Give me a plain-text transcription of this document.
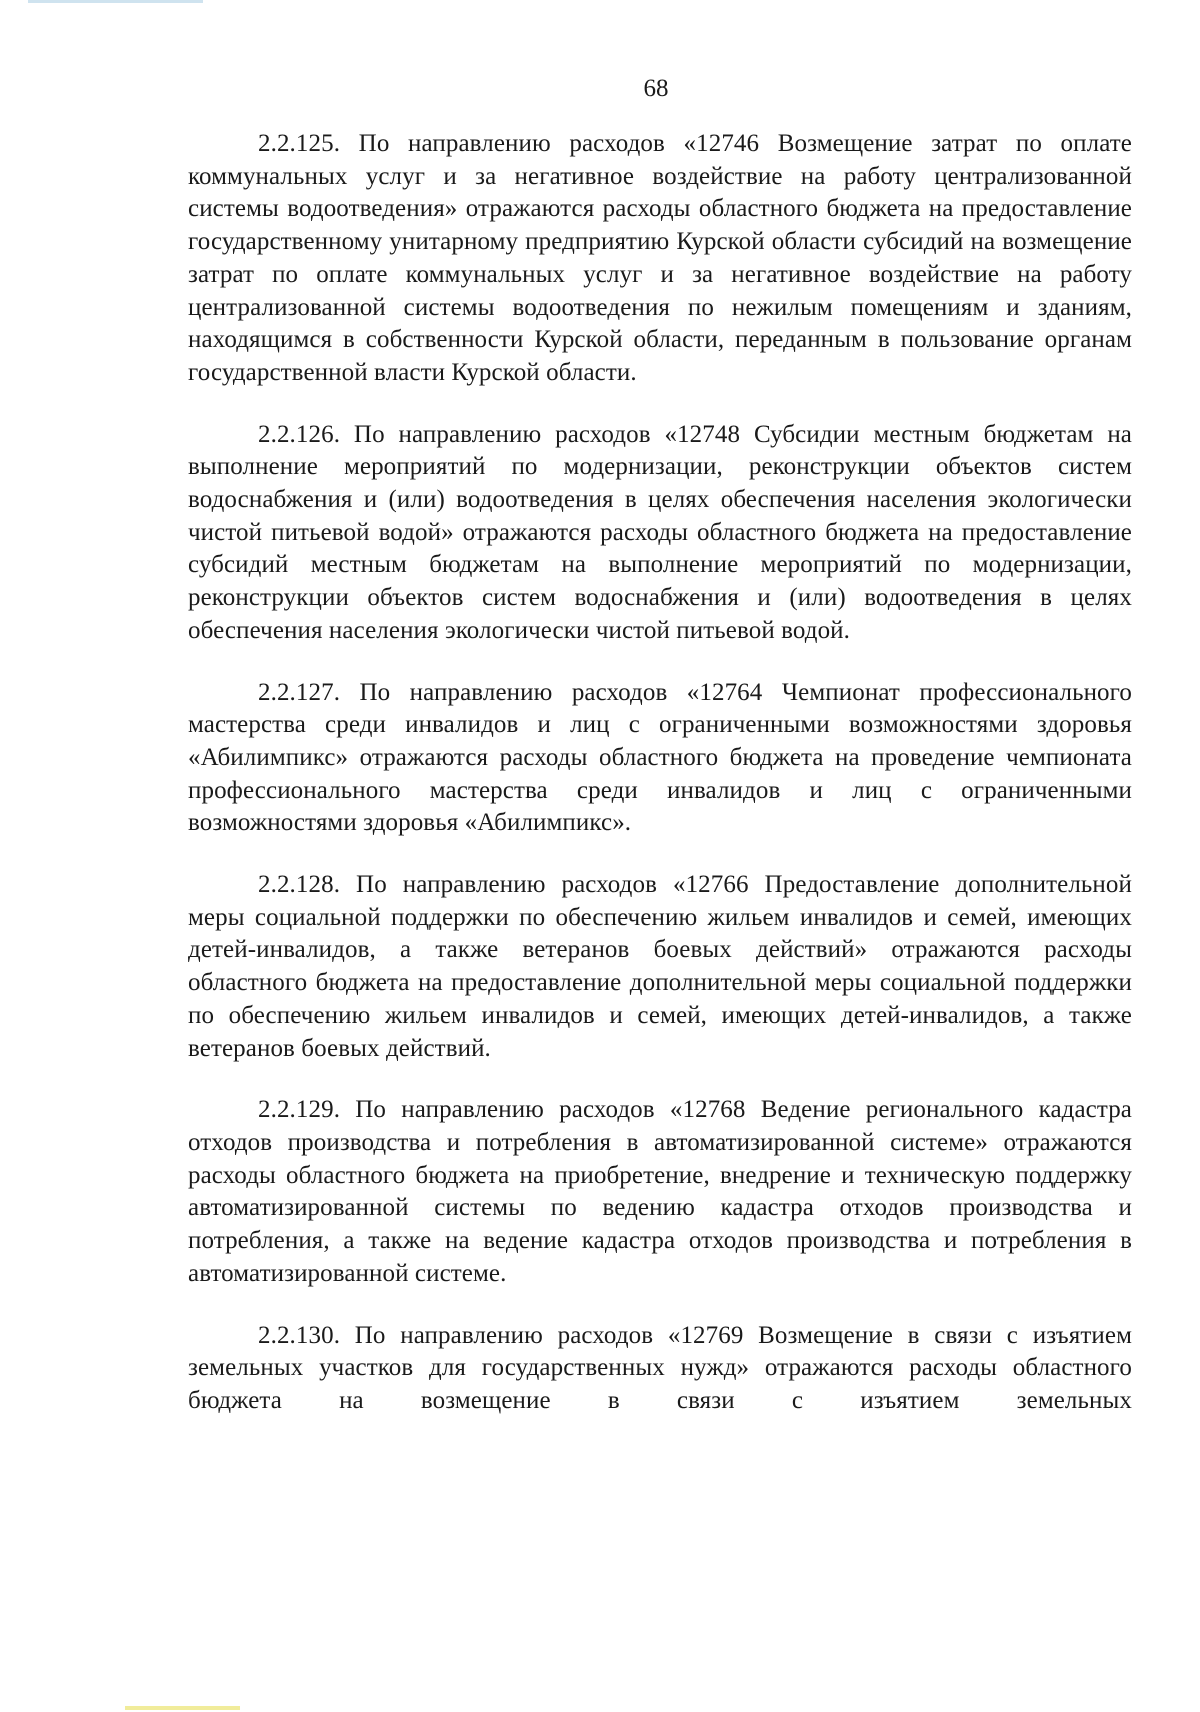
68

2.2.125. По направлению расходов «12746 Возмещение затрат по оплате коммунальных услуг и за негативное воздействие на работу централизованной системы водоотведения» отражаются расходы областного бюджета на предоставление государственному унитарному предприятию Курской области субсидий на возмещение затрат по оплате коммунальных услуг и за негативное воздействие на работу централизованной системы водоотведения по нежилым помещениям и зданиям, находящимся в собственности Курской области, переданным в пользование органам государственной власти Курской области.

2.2.126. По направлению расходов «12748 Субсидии местным бюджетам на выполнение мероприятий по модернизации, реконструкции объектов систем водоснабжения и (или) водоотведения в целях обеспечения населения экологически чистой питьевой водой» отражаются расходы областного бюджета на предоставление субсидий местным бюджетам на выполнение мероприятий по модернизации, реконструкции объектов систем водоснабжения и (или) водоотведения в целях обеспечения населения экологически чистой питьевой водой.

2.2.127. По направлению расходов «12764 Чемпионат профессионального мастерства среди инвалидов и лиц с ограниченными возможностями здоровья «Абилимпикс» отражаются расходы областного бюджета на проведение чемпионата профессионального мастерства среди инвалидов и лиц с ограниченными возможностями здоровья «Абилимпикс».

2.2.128. По направлению расходов «12766 Предоставление дополнительной меры социальной поддержки по обеспечению жильем инвалидов и семей, имеющих детей-инвалидов, а также ветеранов боевых действий» отражаются расходы областного бюджета на предоставление дополнительной меры социальной поддержки по обеспечению жильем инвалидов и семей, имеющих детей-инвалидов, а также ветеранов боевых действий.

2.2.129. По направлению расходов «12768 Ведение регионального кадастра отходов производства и потребления в автоматизированной системе» отражаются расходы областного бюджета на приобретение, внедрение и техническую поддержку автоматизированной системы по ведению кадастра отходов производства и потребления, а также на ведение кадастра отходов производства и потребления в автоматизированной системе.

2.2.130. По направлению расходов «12769 Возмещение в связи с изъятием земельных участков для государственных нужд» отражаются расходы областного бюджета на возмещение в связи с изъятием земельных
